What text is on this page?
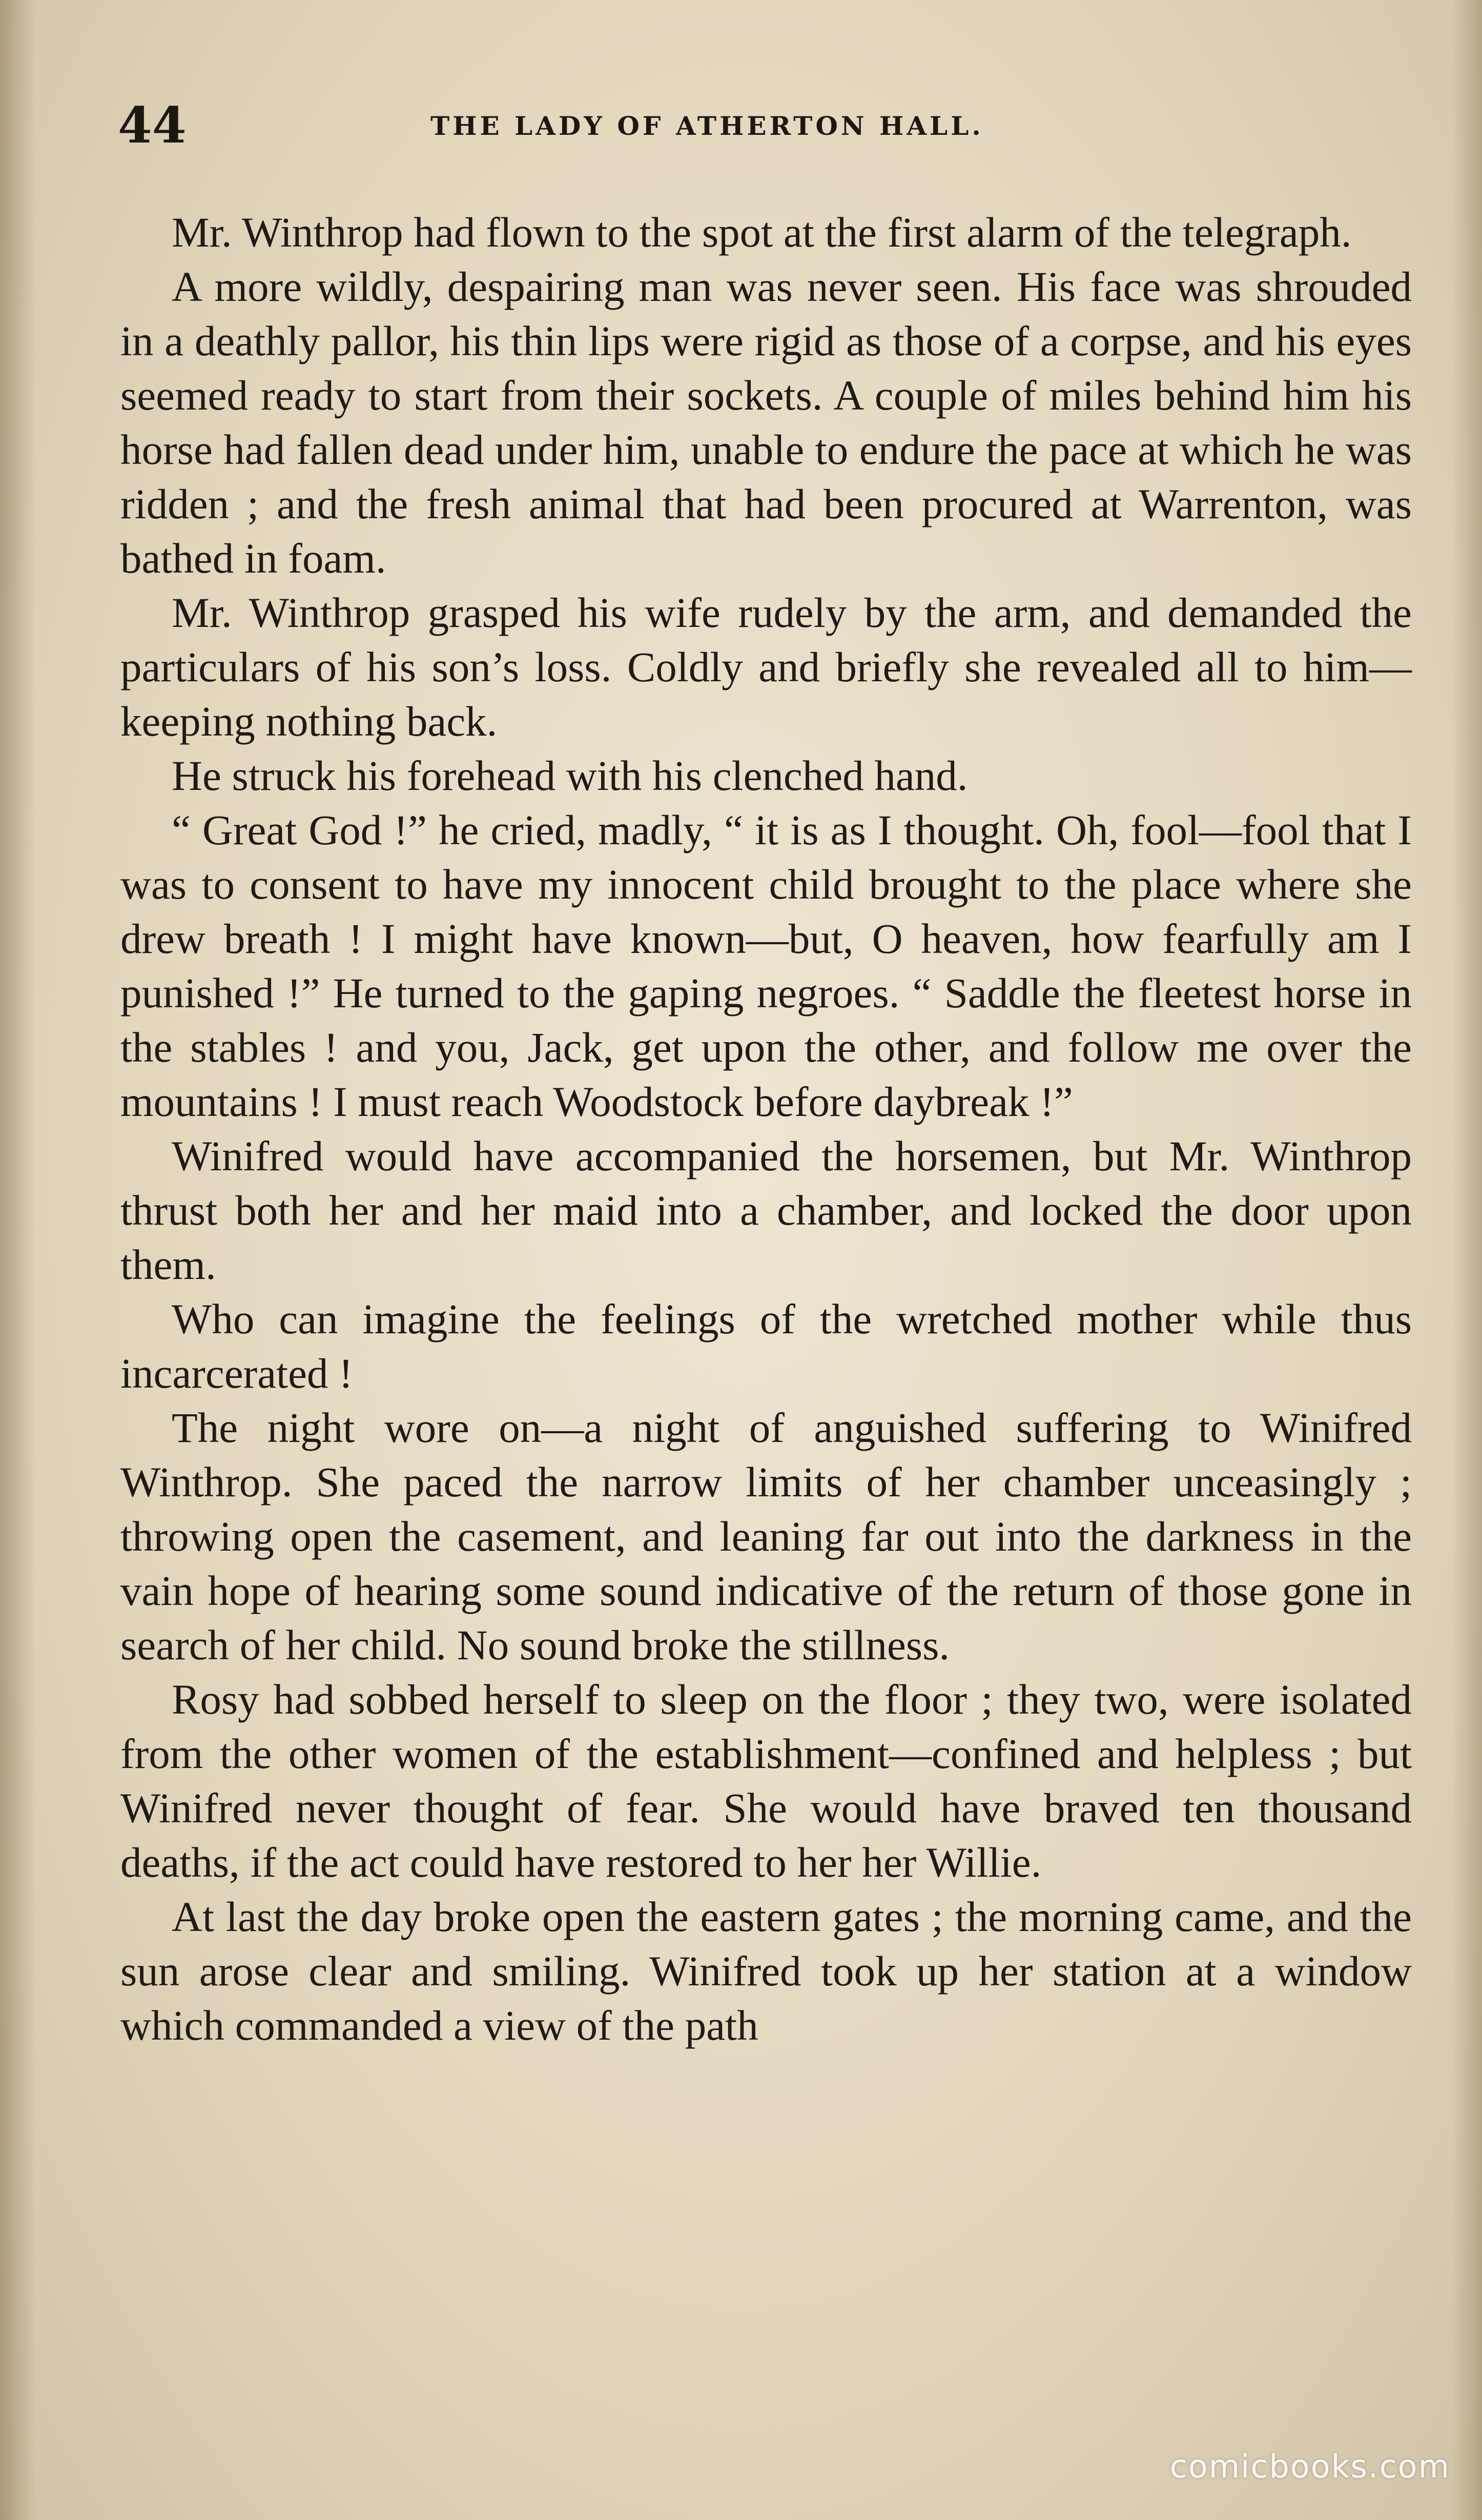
44	THE LADY OF ATHERTON HALL.

Mr. Winthrop had flown to the spot at the first alarm of the telegraph.

A more wildly, despairing man was never seen. His face was shrouded in a deathly pallor, his thin lips were rigid as those of a corpse, and his eyes seemed ready to start from their sockets. A couple of miles behind him his horse had fallen dead under him, unable to endure the pace at which he was ridden ; and the fresh animal that had been procured at Warrenton, was bathed in foam.

Mr. Winthrop grasped his wife rudely by the arm, and demanded the particulars of his son’s loss. Coldly and briefly she revealed all to him—keeping nothing back.

He struck his forehead with his clenched hand.

“ Great God !” he cried, madly, “ it is as I thought. Oh, fool—fool that I was to consent to have my innocent child brought to the place where she drew breath ! I might have known—but, O heaven, how fearfully am I punished !” He turned to the gaping negroes. “ Saddle the fleetest horse in the stables ! and you, Jack, get upon the other, and follow me over the mountains ! I must reach Woodstock before daybreak !”

Winifred would have accompanied the horsemen, but Mr. Winthrop thrust both her and her maid into a chamber, and locked the door upon them.

Who can imagine the feelings of the wretched mother while thus incarcerated !

The night wore on—a night of anguished suffering to Winifred Winthrop. She paced the narrow limits of her chamber unceasingly ; throwing open the casement, and leaning far out into the darkness in the vain hope of hearing some sound indicative of the return of those gone in search of her child. No sound broke the stillness.

Rosy had sobbed herself to sleep on the floor ; they two, were isolated from the other women of the establishment—confined and helpless ; but Winifred never thought of fear. She would have braved ten thousand deaths, if the act could have restored to her her Willie.

At last the day broke open the eastern gates ; the morning came, and the sun arose clear and smiling. Winifred took up her station at a window which commanded a view of the path

comicbooks.com
